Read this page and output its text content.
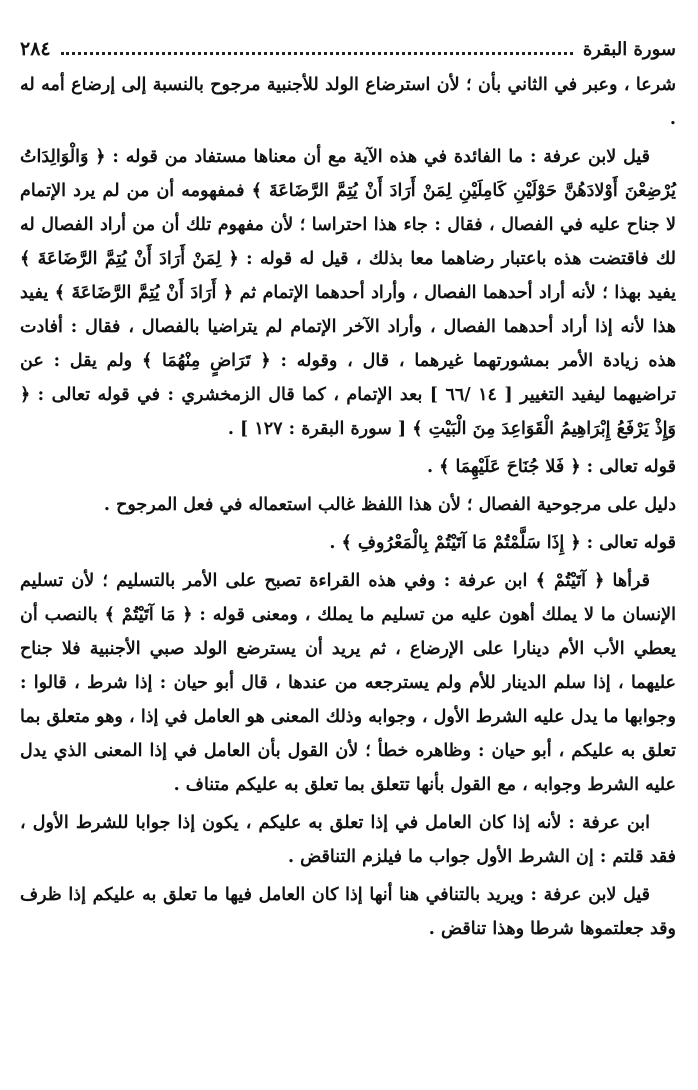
سورة البقرة
٢٨٤

شرعا ، وعبر في الثاني بأن ؛ لأن استرضاع الولد للأجنبية مرجوح بالنسبة إلى إرضاع أمه له .

قيل لابن عرفة : ما الفائدة في هذه الآية مع أن معناها مستفاد من قوله : ﴿ وَالْوَالِدَاتُ يُرْضِعْنَ أَوْلادَهُنَّ حَوْلَيْنِ كَامِلَيْنِ لِمَنْ أَرَادَ أَنْ يُتِمَّ الرَّضَاعَةَ ﴾ فمفهومه أن من لم يرد الإتمام لا جناح عليه في الفصال ، فقال : جاء هذا احتراسا ؛ لأن مفهوم تلك أن من أراد الفصال له لك فاقتضت هذه باعتبار رضاهما معا بذلك ، قيل له قوله : ﴿ لِمَنْ أَرَادَ أَنْ يُتِمَّ الرَّضَاعَةَ ﴾ يفيد بهذا ؛ لأنه أراد أحدهما الفصال ، وأراد أحدهما الإتمام ثم ﴿ أَرَادَ أَنْ يُتِمَّ الرَّضَاعَةَ ﴾ يفيد هذا لأنه إذا أراد أحدهما الفصال ، وأراد الآخر الإتمام لم يتراضيا بالفصال ، فقال : أفادت هذه زيادة الأمر بمشورتهما غيرهما ، قال ، وقوله : ﴿ تَرَاضٍ مِنْهُمَا ﴾ ولم يقل : عن تراضيهما ليفيد التغيير [ ١٤ /٦٦ ] بعد الإتمام ، كما قال الزمخشري : في قوله تعالى : ﴿ وَإِذْ يَرْفَعُ إِبْرَاهِيمُ الْقَوَاعِدَ مِنَ الْبَيْتِ ﴾ [ سورة البقرة : ١٢٧ ] .

قوله تعالى : ﴿ فَلا جُنَاحَ عَلَيْهِمَا ﴾ .

دليل على مرجوحية الفصال ؛ لأن هذا اللفظ غالب استعماله في فعل المرجوح .

قوله تعالى : ﴿ إِذَا سَلَّمْتُمْ مَا آتَيْتُمْ بِالْمَعْرُوفِ ﴾ .

قرأها ﴿ آتَيْتُمْ ﴾ ابن عرفة : وفي هذه القراءة تصبح على الأمر بالتسليم ؛ لأن تسليم الإنسان ما لا يملك أهون عليه من تسليم ما يملك ، ومعنى قوله : ﴿ مَا آتَيْتُمْ ﴾ بالنصب أن يعطي الأب الأم دينارا على الإرضاع ، ثم يريد أن يسترضع الولد صبي الأجنبية فلا جناح عليهما ، إذا سلم الدينار للأم ولم يسترجعه من عندها ، قال أبو حيان : إذا شرط ، قالوا : وجوابها ما يدل عليه الشرط الأول ، وجوابه وذلك المعنى هو العامل في إذا ، وهو متعلق بما تعلق به عليكم ، أبو حيان : وظاهره خطأ ؛ لأن القول بأن العامل في إذا المعنى الذي يدل عليه الشرط وجوابه ، مع القول بأنها تتعلق بما تعلق به عليكم متناف .

ابن عرفة : لأنه إذا كان العامل في إذا تعلق به عليكم ، يكون إذا جوابا للشرط الأول ، فقد قلتم : إن الشرط الأول جواب ما فيلزم التناقض .

قيل لابن عرفة : ويريد بالتنافي هنا أنها إذا كان العامل فيها ما تعلق به عليكم إذا ظرف وقد جعلتموها شرطا وهذا تناقض .
